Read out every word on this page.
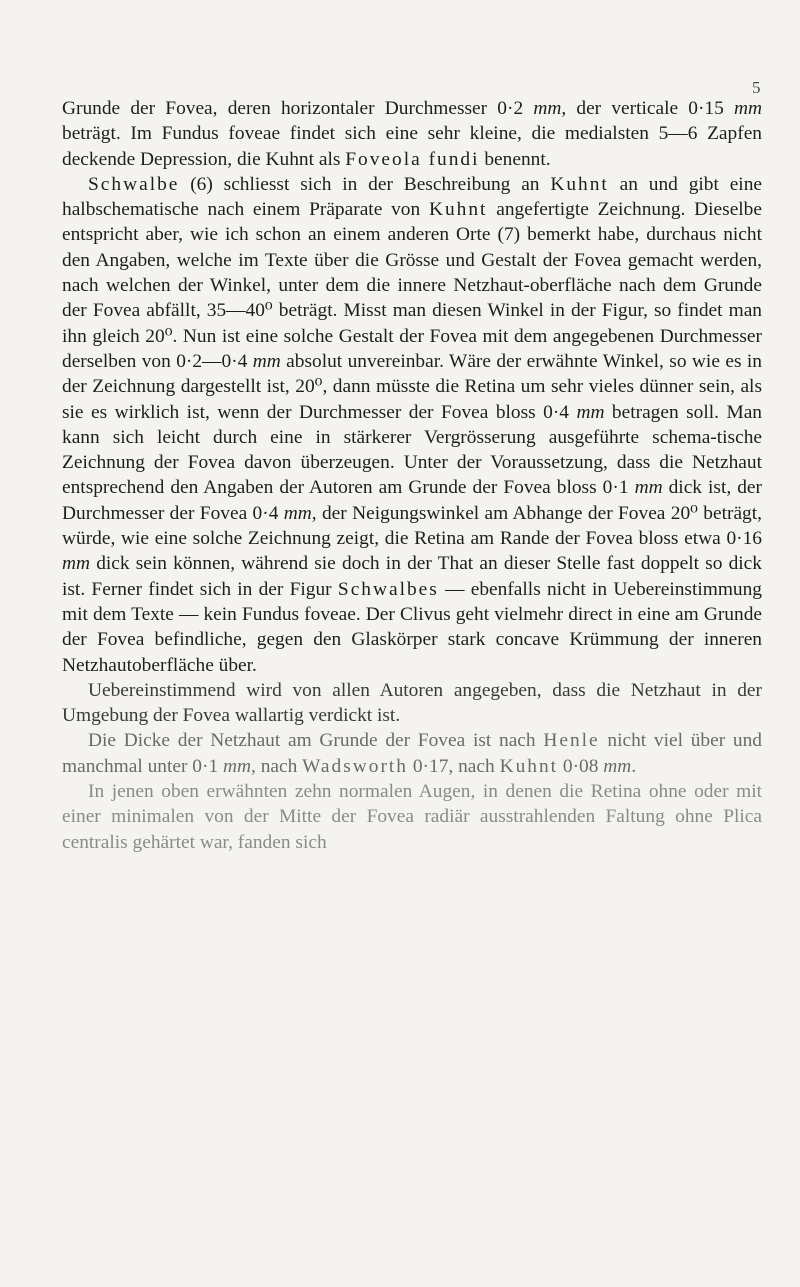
5

Grunde der Fovea, deren horizontaler Durchmesser 0·2 mm, der verticale 0·15 mm beträgt. Im Fundus foveae findet sich eine sehr kleine, die medialsten 5—6 Zapfen deckende Depression, die Kuhnt als Foveola fundi benennt.

Schwalbe (6) schliesst sich in der Beschreibung an Kuhnt an und gibt eine halbschematische nach einem Präparate von Kuhnt angefertigte Zeichnung. Dieselbe entspricht aber, wie ich schon an einem anderen Orte (7) bemerkt habe, durchaus nicht den Angaben, welche im Texte über die Grösse und Gestalt der Fovea gemacht werden, nach welchen der Winkel, unter dem die innere Netzhaut-oberfläche nach dem Grunde der Fovea abfällt, 35—40⁰ beträgt. Misst man diesen Winkel in der Figur, so findet man ihn gleich 20⁰. Nun ist eine solche Gestalt der Fovea mit dem angegebenen Durchmesser derselben von 0·2—0·4 mm absolut unvereinbar. Wäre der erwähnte Winkel, so wie es in der Zeichnung dargestellt ist, 20⁰, dann müsste die Retina um sehr vieles dünner sein, als sie es wirklich ist, wenn der Durchmesser der Fovea bloss 0·4 mm betragen soll. Man kann sich leicht durch eine in stärkerer Vergrösserung ausgeführte schema-tische Zeichnung der Fovea davon überzeugen. Unter der Voraussetzung, dass die Netzhaut entsprechend den Angaben der Autoren am Grunde der Fovea bloss 0·1 mm dick ist, der Durchmesser der Fovea 0·4 mm, der Neigungswinkel am Abhange der Fovea 20⁰ beträgt, würde, wie eine solche Zeichnung zeigt, die Retina am Rande der Fovea bloss etwa 0·16 mm dick sein können, während sie doch in der That an dieser Stelle fast doppelt so dick ist. Ferner findet sich in der Figur Schwalbes — ebenfalls nicht in Uebereinstimmung mit dem Texte — kein Fundus foveae. Der Clivus geht vielmehr direct in eine am Grunde der Fovea befindliche, gegen den Glaskörper stark concave Krümmung der inneren Netzhautoberfläche über.

Uebereinstimmend wird von allen Autoren angegeben, dass die Netzhaut in der Umgebung der Fovea wallartig verdickt ist.

Die Dicke der Netzhaut am Grunde der Fovea ist nach Henle nicht viel über und manchmal unter 0·1 mm, nach Wadsworth 0·17, nach Kuhnt 0·08 mm.

In jenen oben erwähnten zehn normalen Augen, in denen die Retina ohne oder mit einer minimalen von der Mitte der Fovea radiär ausstrahlenden Faltung ohne Plica centralis gehärtet war, fanden sich
